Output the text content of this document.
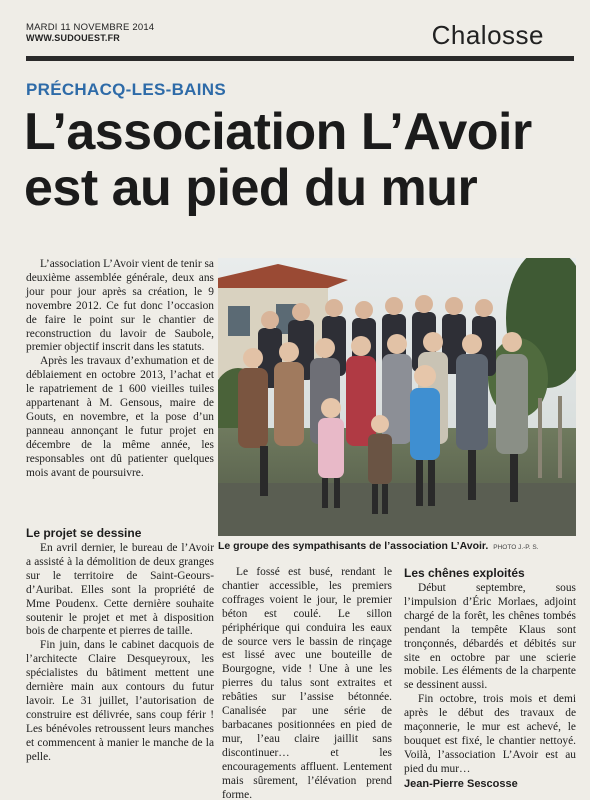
MARDI 11 NOVEMBRE 2014
WWW.SUDOUEST.FR	Chalosse
PRÉCHACQ-LES-BAINS
L’association L’Avoir
est au pied du mur

L’association L’Avoir vient de tenir sa deuxième assemblée générale, deux ans jour pour jour après sa création, le 9 novembre 2012. Ce fut donc l’occasion de faire le point sur le chantier de reconstruction du lavoir de Saubole, premier objectif inscrit dans les statuts.

Après les travaux d’exhumation et de déblaiement en octobre 2013, l’achat et le rapatriement de 1 600 vieilles tuiles appartenant à M. Gensous, maire de Gouts, en novembre, et la pose d’un panneau annonçant le futur projet en décembre de la même année, les responsables ont dû patienter quelques mois avant de poursuivre.

Le groupe des sympathisants de l’association L’Avoir. PHOTO J.-P. S.
Le projet se dessine

En avril dernier, le bureau de l’Avoir a assisté à la démolition de deux granges sur le territoire de Saint-Geours-d’Auribat. Elles sont la propriété de Mme Poudenx. Cette dernière souhaite soutenir le projet et met à disposition bois de charpente et pierres de taille.

Fin juin, dans le cabinet dacquois de l’architecte Claire Desqueyroux, les spécialistes du bâtiment mettent une dernière main aux contours du futur lavoir. Le 31 juillet, l’autorisation de construire est délivrée, sans coup férir ! Les bénévoles retroussent leurs manches et commencent à manier le manche de la pelle.

Le fossé est busé, rendant le chantier accessible, les premiers coffrages voient le jour, le premier béton est coulé. Le sillon périphérique qui conduira les eaux de source vers le bassin de rinçage est lissé avec une bouteille de Bourgogne, vide ! Une à une les pierres du talus sont extraites et rebâties sur l’assise bétonnée. Canalisée par une série de barbacanes positionnées en pied de mur, l’eau claire jaillit sans discontinuer… et les encouragements affluent. Lentement mais sûrement, l’élévation prend forme.

Les chênes exploités

Début septembre, sous l’impulsion d’Éric Morlaes, adjoint chargé de la forêt, les chênes tombés pendant la tempête Klaus sont tronçonnés, débardés et débités sur site en octobre par une scierie mobile. Les éléments de la charpente se dessinent aussi.

Fin octobre, trois mois et demi après le début des travaux de maçonnerie, le mur est achevé, le bouquet est fixé, le chantier nettoyé. Voilà, l’association L’Avoir est au pied du mur…

Jean-Pierre Sescosse
